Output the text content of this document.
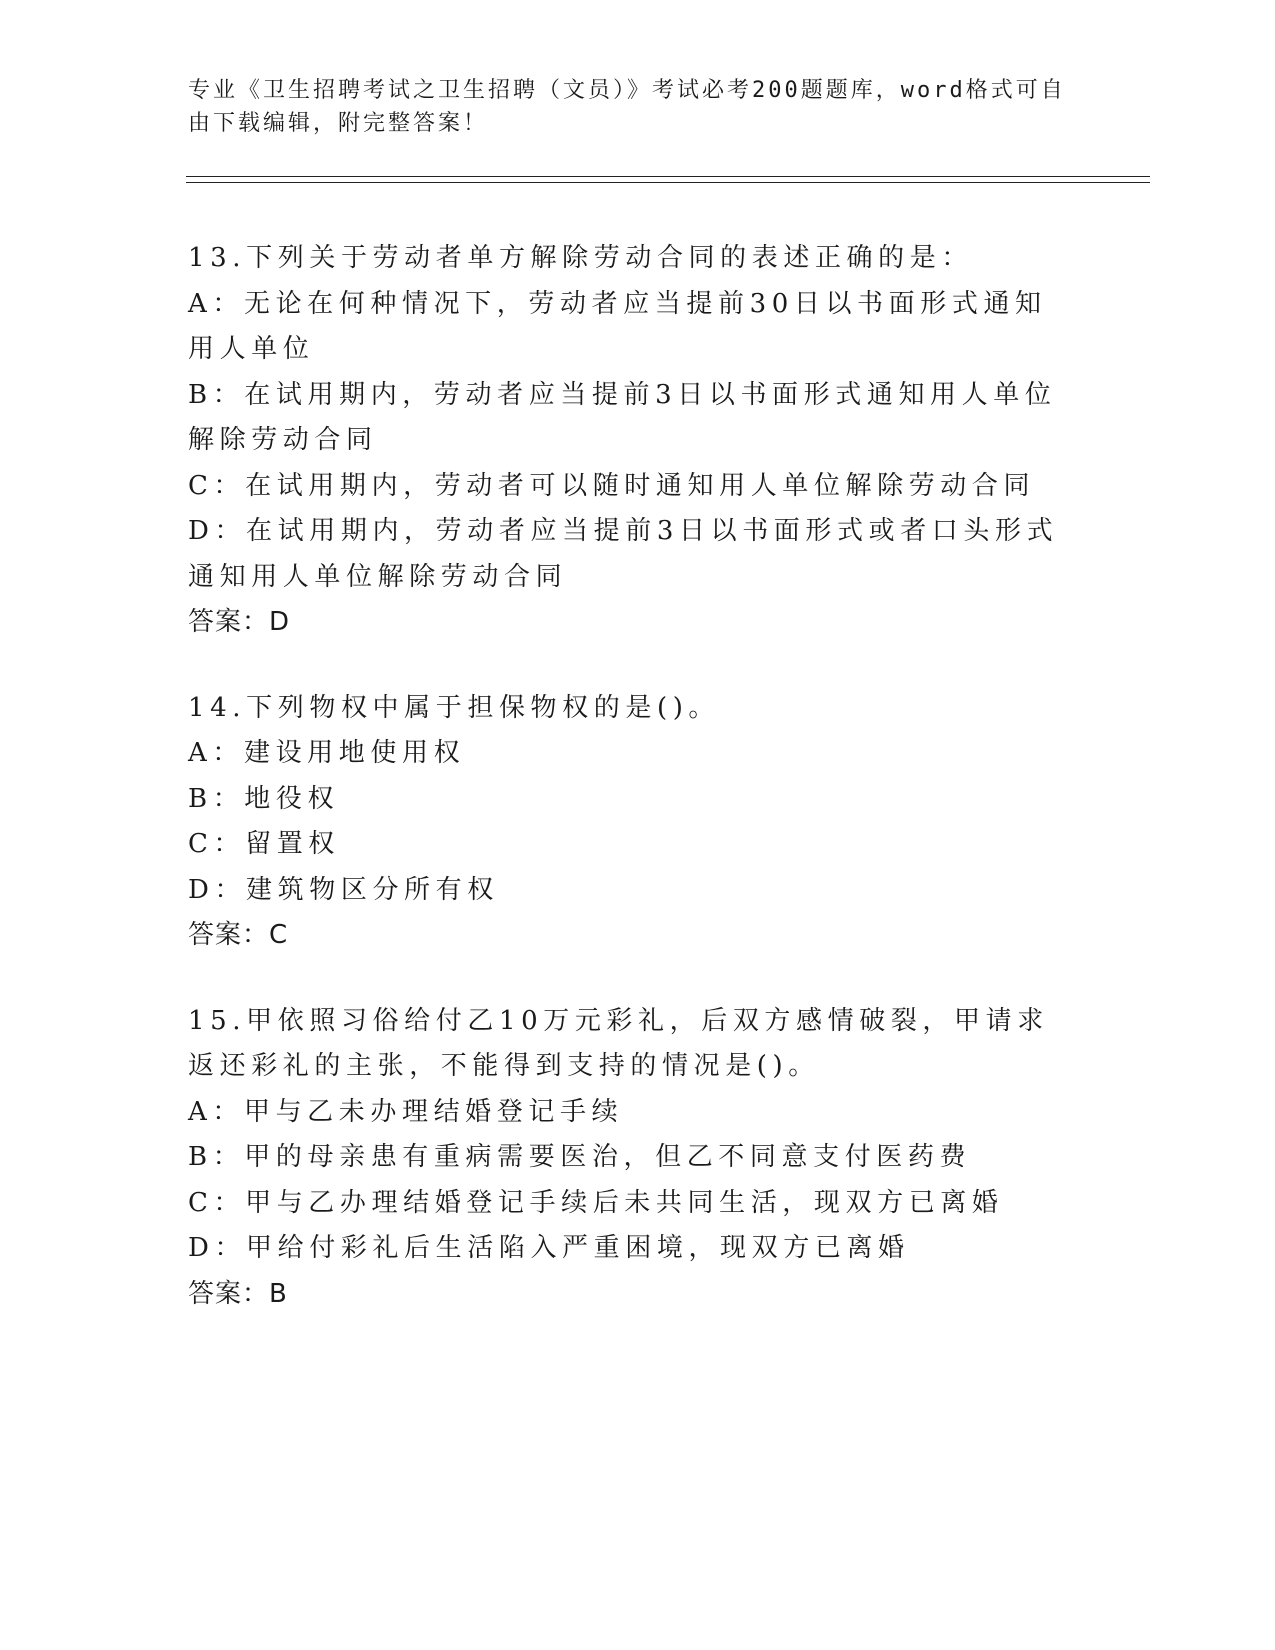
专业《卫生招聘考试之卫生招聘（文员）》考试必考200题题库，word格式可自由下载编辑，附完整答案！

13.下列关于劳动者单方解除劳动合同的表述正确的是：

A：无论在何种情况下，劳动者应当提前30日以书面形式通知用人单位

B：在试用期内，劳动者应当提前3日以书面形式通知用人单位解除劳动合同

C：在试用期内，劳动者可以随时通知用人单位解除劳动合同

D：在试用期内，劳动者应当提前3日以书面形式或者口头形式通知用人单位解除劳动合同

答案：D

14.下列物权中属于担保物权的是()。

A：建设用地使用权

B：地役权

C：留置权

D：建筑物区分所有权

答案：C

15.甲依照习俗给付乙10万元彩礼，后双方感情破裂，甲请求返还彩礼的主张，不能得到支持的情况是()。

A：甲与乙未办理结婚登记手续

B：甲的母亲患有重病需要医治，但乙不同意支付医药费

C：甲与乙办理结婚登记手续后未共同生活，现双方已离婚

D：甲给付彩礼后生活陷入严重困境，现双方已离婚

答案：B
